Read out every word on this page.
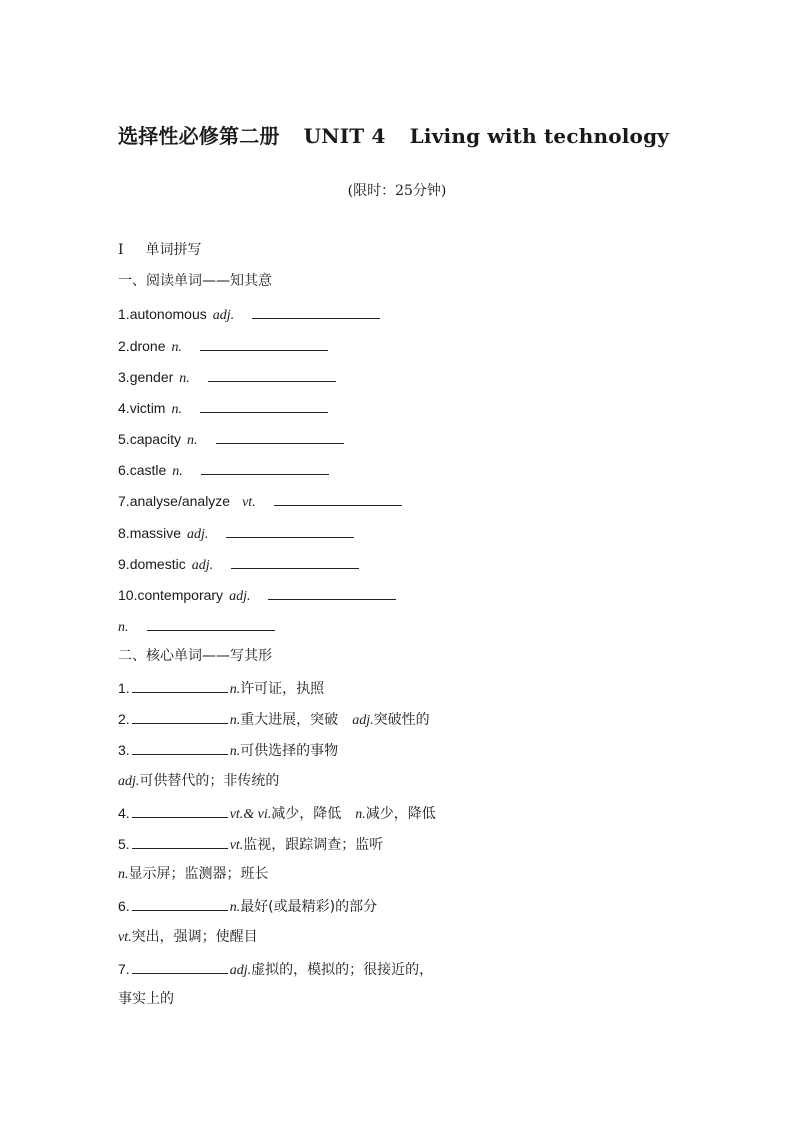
选择性必修第二册 UNIT 4 Living with technology
(限时：25分钟)
Ⅰ 单词拼写
一、阅读单词——知其意
1.autonomous adj.
2.drone n.
3.gender n.
4.victim n.
5.capacity n.
6.castle n.
7.analyse/analyze vt.
8.massive adj.
9.domestic adj.
10.contemporary adj.
n.
二、核心单词——写其形
1.	n.许可证，执照
2.	n.重大进展，突破 adj.突破性的
3.	n.可供选择的事物
adj.可供替代的；非传统的
4.	vt.& vi.减少，降低 n.减少，降低
5.	vt.监视，跟踪调查；监听
n.显示屏；监测器；班长
6.	n.最好(或最精彩)的部分
vt.突出，强调；使醒目
7.	adj.虚拟的，模拟的；很接近的，
事实上的
